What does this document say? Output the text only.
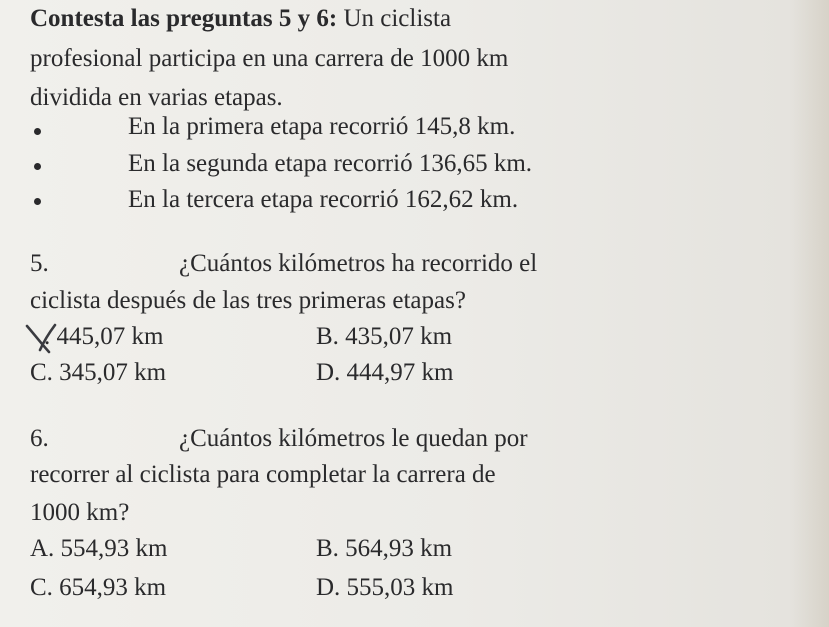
Contesta las preguntas 5 y 6: Un ciclista
profesional participa en una carrera de 1000 km
dividida en varias etapas.
En la primera etapa recorrió 145,8 km.
En la segunda etapa recorrió 136,65 km.
En la tercera etapa recorrió 162,62 km.
5.	¿Cuántos kilómetros ha recorrido el
ciclista después de las tres primeras etapas?
. 445,07 km	B. 435,07 km
C. 345,07 km	D. 444,97 km
6.	¿Cuántos kilómetros le quedan por
recorrer al ciclista para completar la carrera de
1000 km?
A. 554,93 km	B. 564,93 km
C. 654,93 km	D. 555,03 km
